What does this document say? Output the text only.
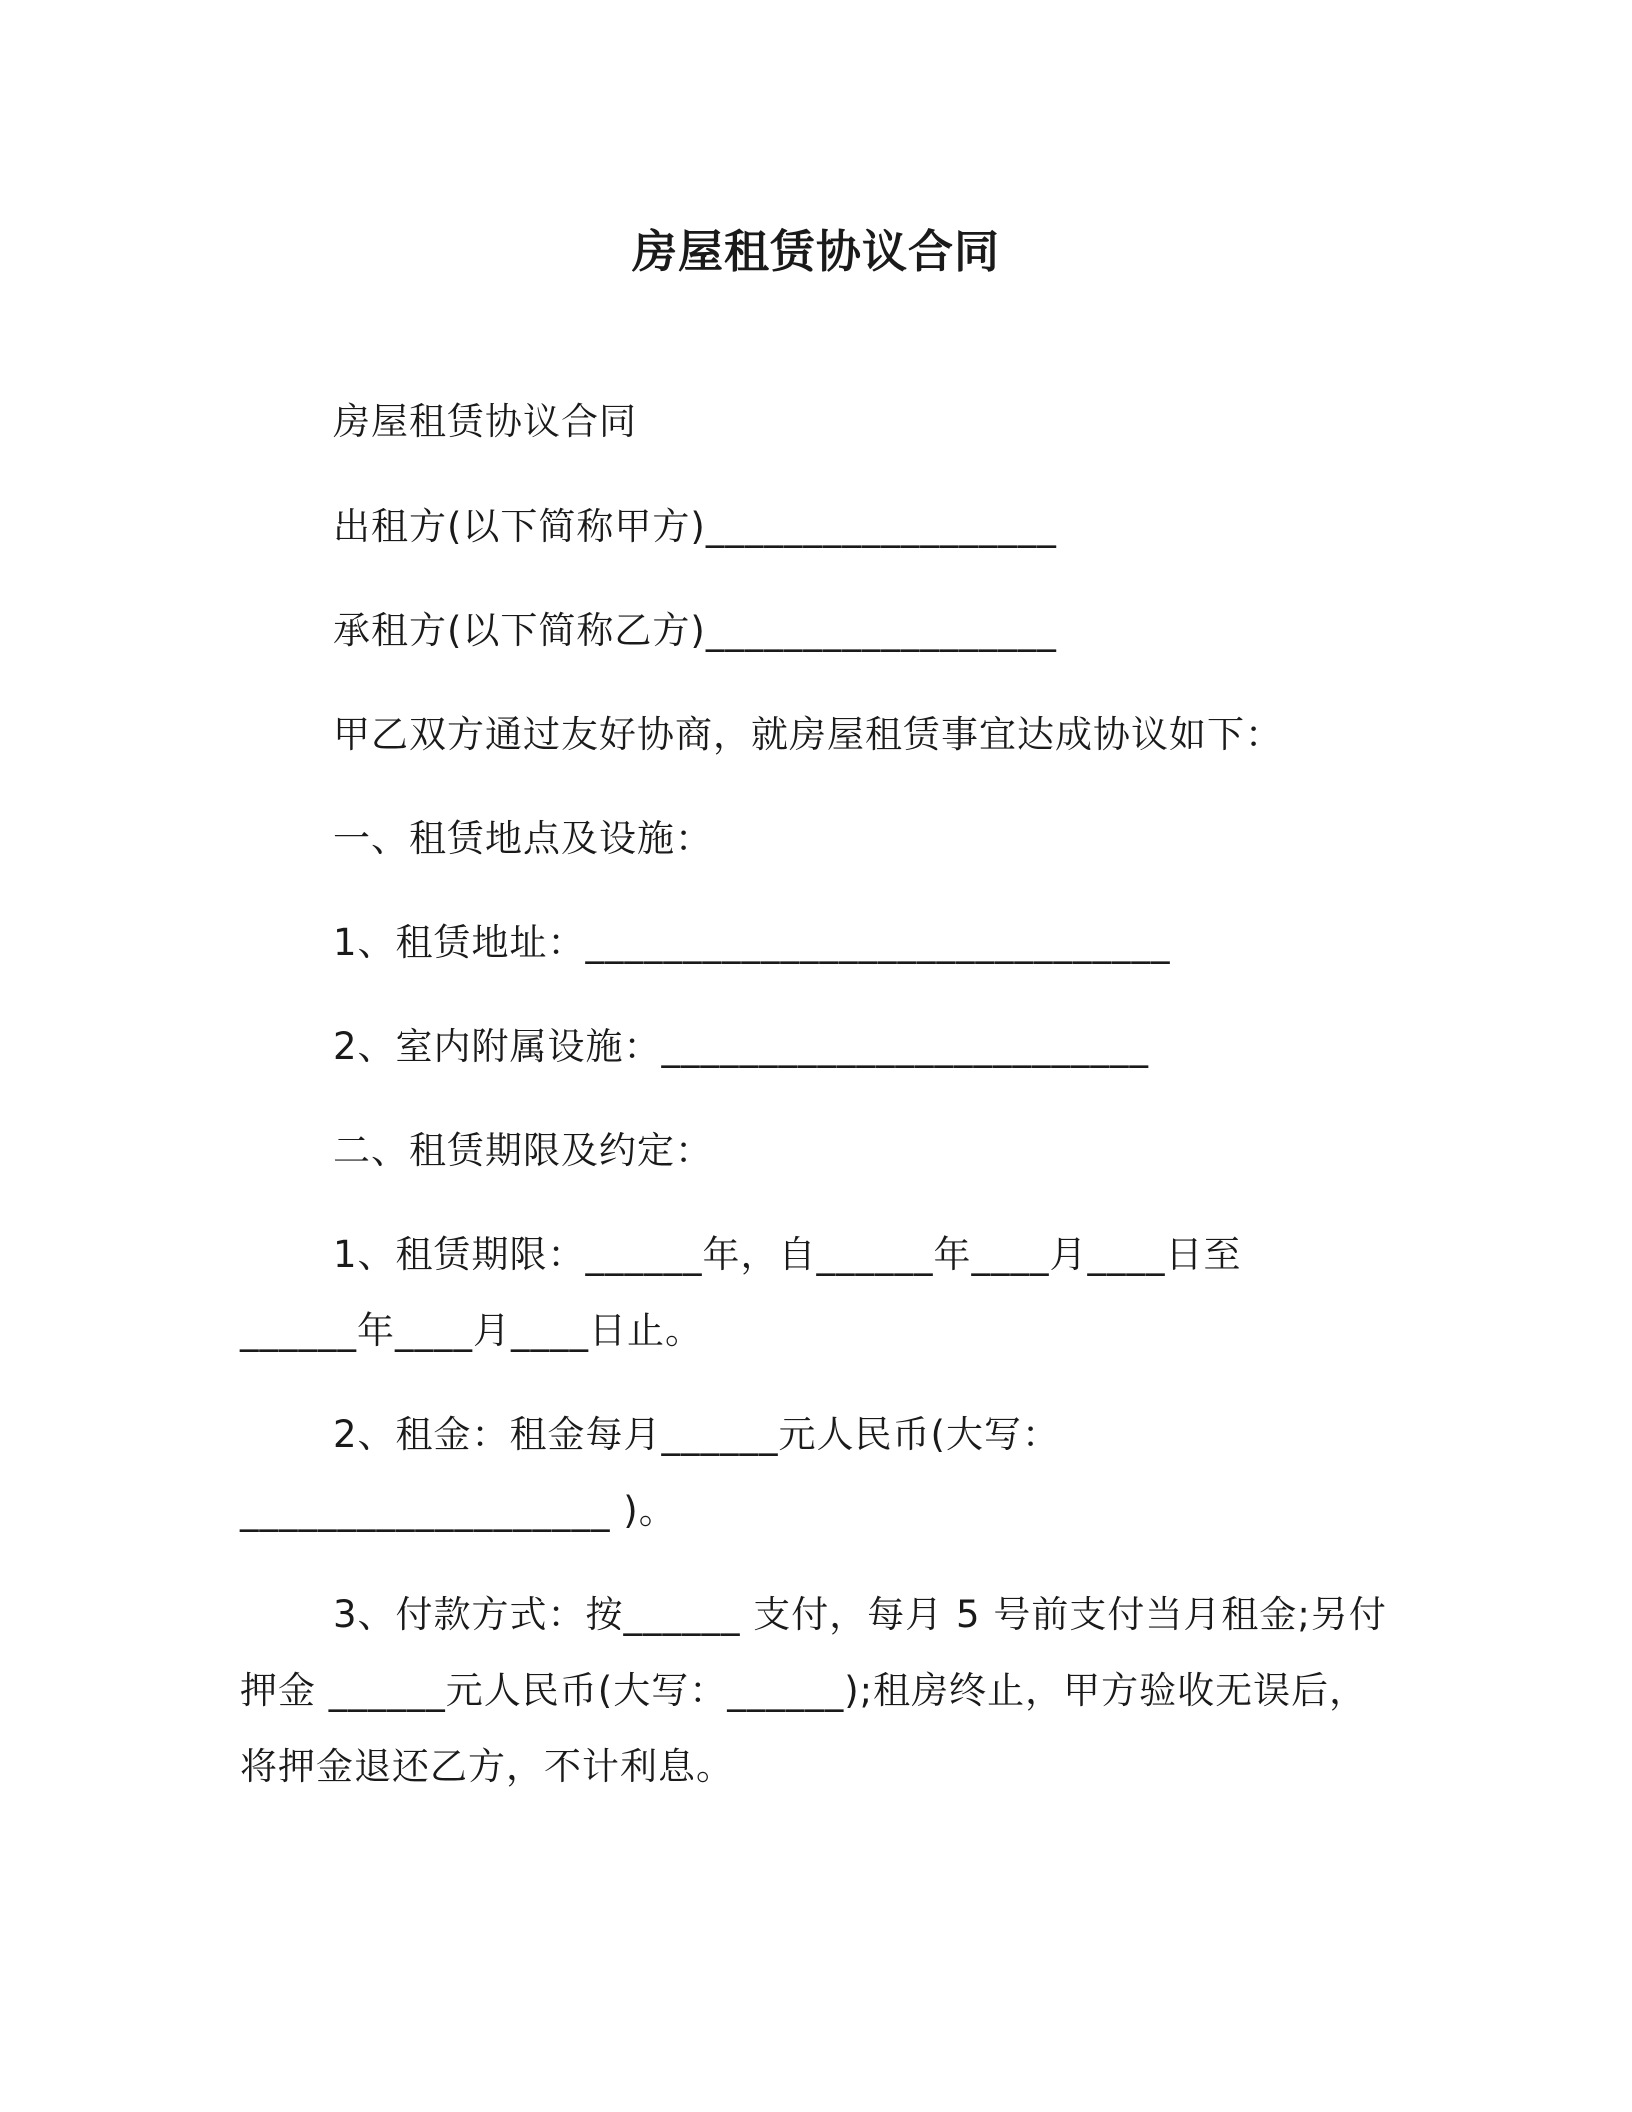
房屋租赁协议合同
房屋租赁协议合同
出租方(以下简称甲方)__________________
承租方(以下简称乙方)__________________
甲乙双方通过友好协商，就房屋租赁事宜达成协议如下：
一、租赁地点及设施：
1、租赁地址：______________________________
2、室内附属设施：_________________________
二、租赁期限及约定：
1、租赁期限：______年，自______年____月____日至
______年____月____日止。
2、租金：租金每月______元人民币(大写：
___________________ )。
3、付款方式：按______ 支付，每月 5 号前支付当月租金;另付
押金 ______元人民币(大写：______);租房终止，甲方验收无误后，
将押金退还乙方，不计利息。
